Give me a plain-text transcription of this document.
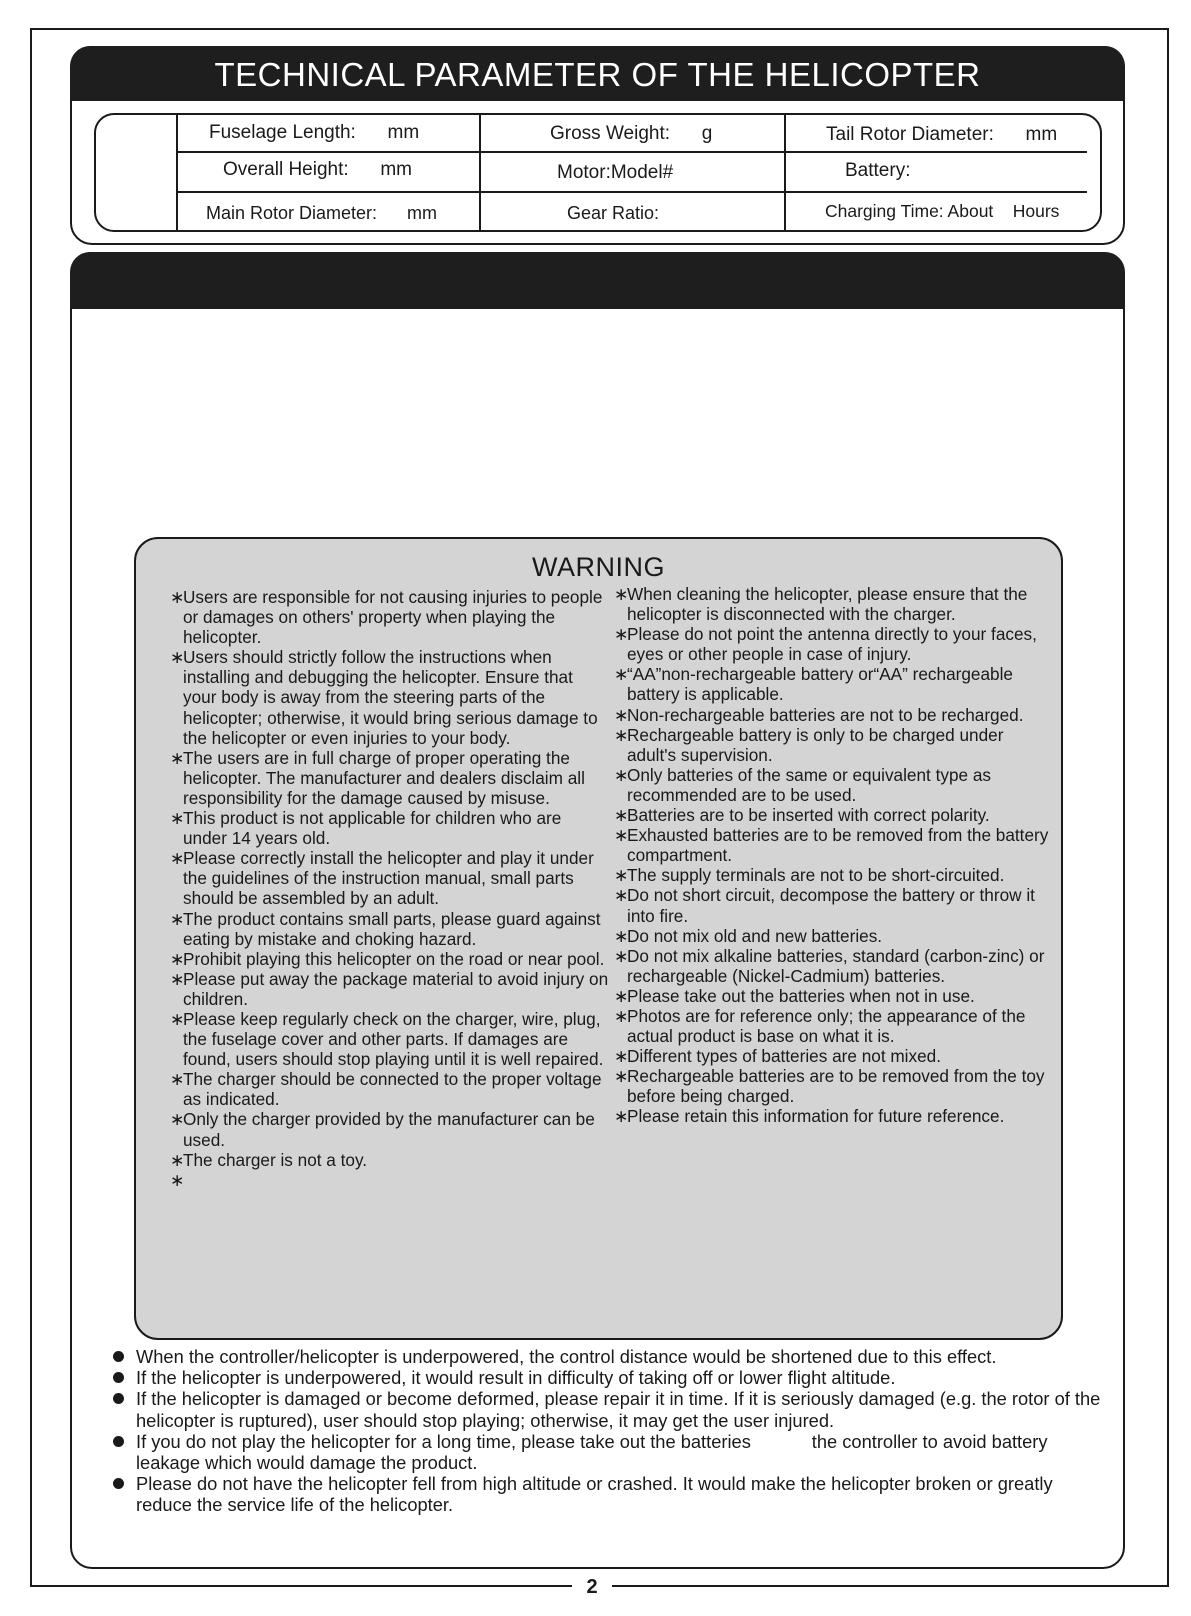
2
TECHNICAL PARAMETER OF THE HELICOPTER
Fuselage Length:      mm	Gross Weight:      g	Tail Rotor Diameter:      mm
Overall Height:      mm	Motor:Model#	Battery:
Main Rotor Diameter:      mm	Gear Ratio:	Charging Time: About    Hours
WARNING

∗
Users are responsible for not causing injuries to people or damages on others' property when playing the helicopter.

∗
Users should strictly follow the instructions when installing and debugging the helicopter. Ensure that your body is away from the steering parts of the helicopter; otherwise, it would bring serious damage to the helicopter or even injuries to your body.

∗
The users are in full charge of proper operating the helicopter. The manufacturer and dealers disclaim all responsibility for the damage caused by misuse.

∗
This product is not applicable for children who are under 14 years old.

∗
Please correctly install the helicopter and play it under the guidelines of the instruction manual, small parts should be assembled by an adult.

∗
The product contains small parts, please guard against eating by mistake and choking hazard.

∗
Prohibit playing this helicopter on the road or near pool.

∗
Please put away the package material to avoid injury on children.

∗
Please keep regularly check on the charger, wire, plug, the fuselage cover and other parts. If damages are found, users should stop playing until it is well repaired.

∗
The charger should be connected to the proper voltage as indicated.

∗
Only the charger provided by the manufacturer can be used.

∗
The charger is not a toy.

∗

∗
When cleaning the helicopter, please ensure that the helicopter is disconnected with the charger.

∗
Please do not point the antenna directly to your faces, eyes or other people in case of injury.

∗
“AA”non-rechargeable battery or“AA” rechargeable battery is applicable.

∗
Non-rechargeable batteries are not to be recharged.

∗
Rechargeable battery is only to be charged under adult's supervision.

∗
Only batteries of the same or equivalent type as recommended are to be used.

∗
Batteries are to be inserted with correct polarity.

∗
Exhausted batteries are to be removed from the battery compartment.

∗
The supply terminals are not to be short-circuited.

∗
Do not short circuit, decompose the battery or throw it into fire.

∗
Do not mix old and new batteries.

∗
Do not mix alkaline batteries, standard (carbon-zinc) or rechargeable (Nickel-Cadmium) batteries.

∗
Please take out the batteries when not in use.

∗
Photos are for reference only; the appearance of the actual product is base on what it is.

∗
Different types of batteries are not mixed.

∗
Rechargeable batteries are to be removed from the toy before being charged.

∗
Please retain this information for future reference.

When the controller/helicopter is underpowered, the control distance would be shortened due to this effect.

If the helicopter is underpowered, it would result in difficulty of taking off or lower flight altitude.

If the helicopter is damaged or become deformed, please repair it in time. If it is seriously damaged (e.g. the rotor of the helicopter is ruptured), user should stop playing; otherwise, it may get the user injured.

If you do not play the helicopter for a long time, please take out the batteries            the controller to avoid battery leakage which would damage the product.

Please do not have the helicopter fell from high altitude or crashed. It would make the helicopter broken or greatly reduce the service life of the helicopter.
